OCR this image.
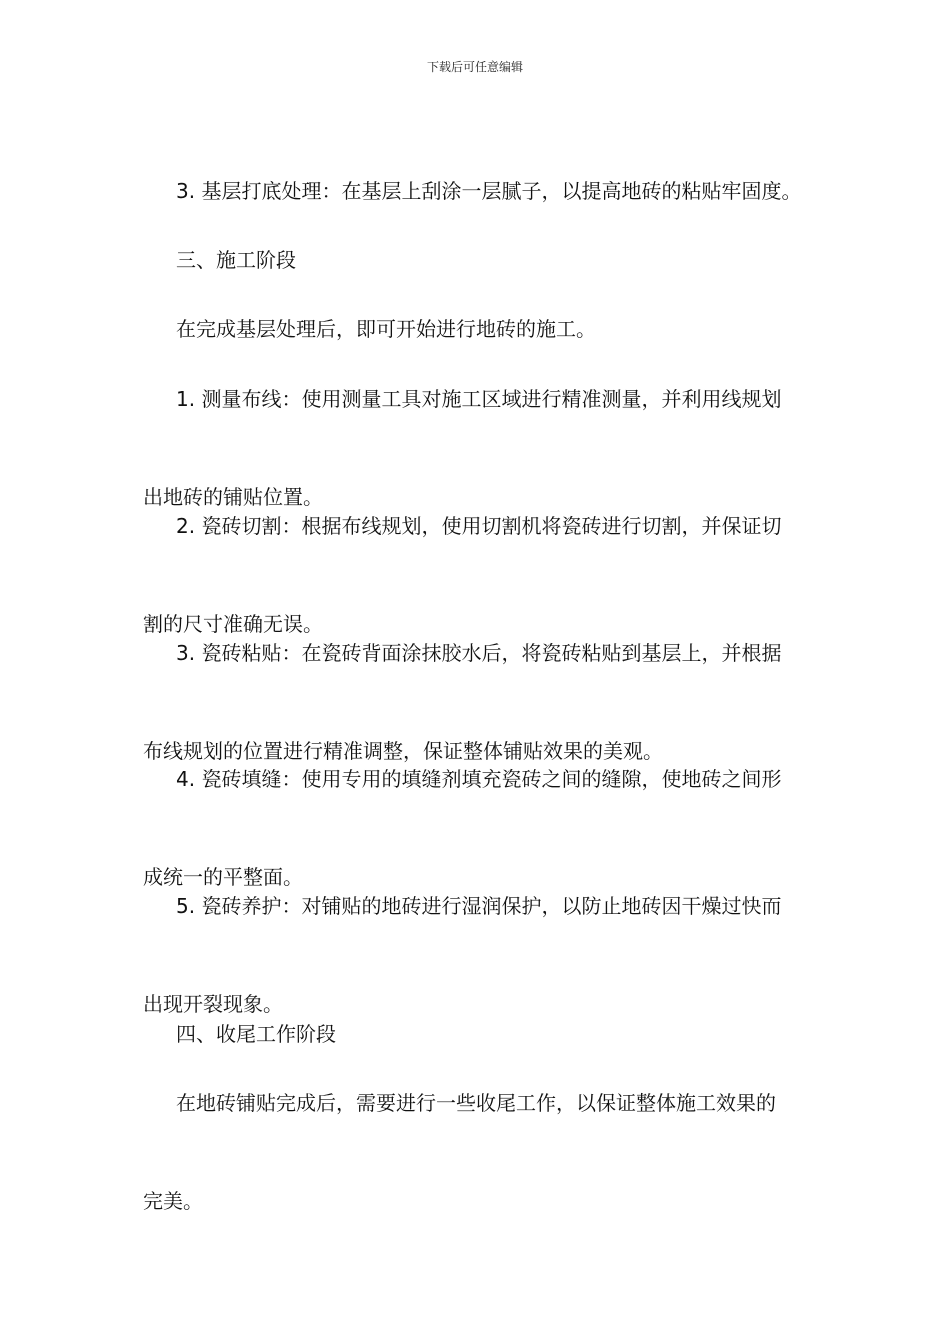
下载后可任意编辑

3. 基层打底处理：在基层上刮涂一层腻子，以提高地砖的粘贴牢固度。

三、施工阶段

在完成基层处理后，即可开始进行地砖的施工。

1. 测量布线：使用测量工具对施工区域进行精准测量，并利用线规划

出地砖的铺贴位置。

2. 瓷砖切割：根据布线规划，使用切割机将瓷砖进行切割，并保证切

割的尺寸准确无误。

3. 瓷砖粘贴：在瓷砖背面涂抹胶水后，将瓷砖粘贴到基层上，并根据

布线规划的位置进行精准调整，保证整体铺贴效果的美观。

4. 瓷砖填缝：使用专用的填缝剂填充瓷砖之间的缝隙，使地砖之间形

成统一的平整面。

5. 瓷砖养护：对铺贴的地砖进行湿润保护，以防止地砖因干燥过快而

出现开裂现象。

四、收尾工作阶段

在地砖铺贴完成后，需要进行一些收尾工作，以保证整体施工效果的

完美。
